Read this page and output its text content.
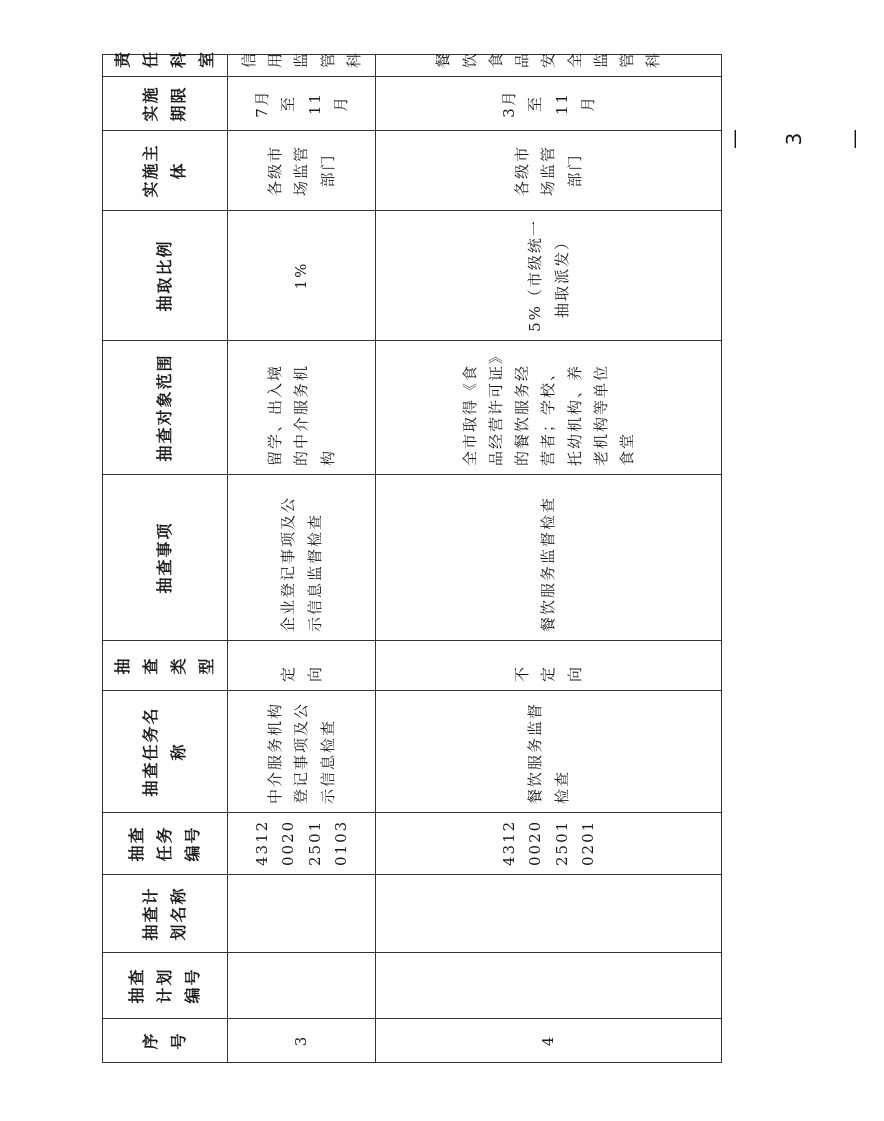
序号	抽查计划编号	抽查计划名称	抽查任务编号	抽查任务名称	抽查类型	抽查事项	抽查对象范围	抽取比例	实施主体	实施期限	责任科室
3			4312 0020 2501 0103	中介服务机构登记事项及公示信息检查	定向	企业登记事项及公示信息监督检查	留学、出入境的中介服务机构	1%	各级市场监管部门	7月至11月	信用监管科
4			4312 0020 2501 0201	餐饮服务监督检查	不定向	餐饮服务监督检查	全市取得《食品经营许可证》的餐饮服务经营者；学校、托幼机构、养老机构等单位食堂	5%（市级统一抽取派发）	各级市场监管部门	3月至11月	餐饮食品安全监管科
— 3 —
